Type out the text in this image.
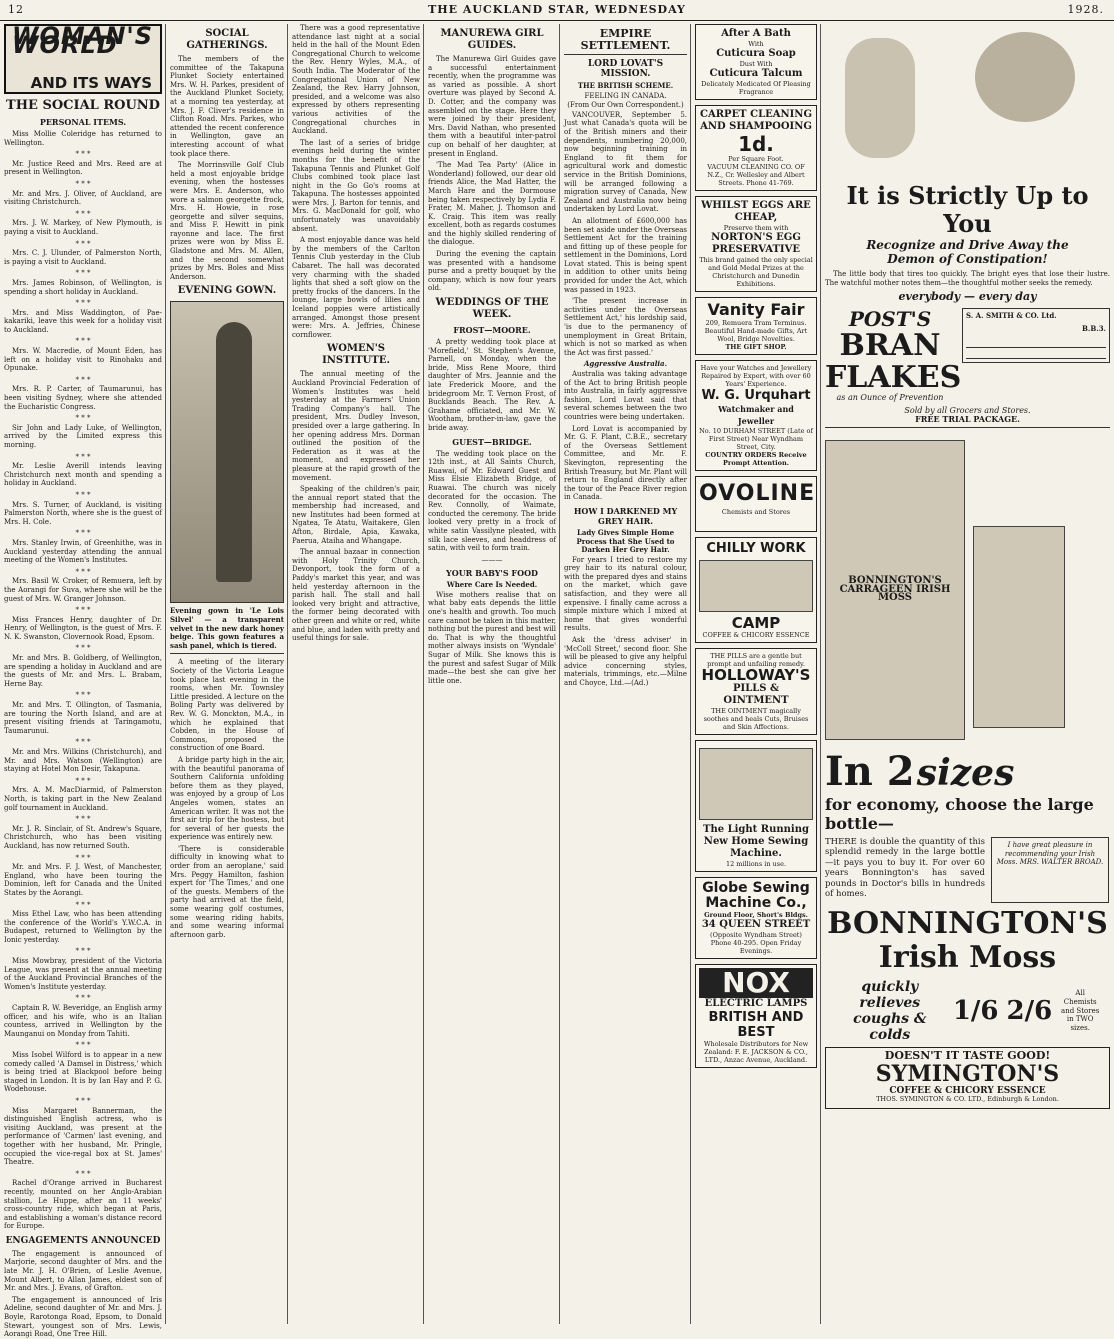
12	THE AUCKLAND STAR, WEDNESDAY	1928.
WOMAN'S WORLD
AND ITS WAYS
THE SOCIAL ROUND
PERSONAL ITEMS.

Miss Mollie Coleridge has returned to Wellington.

* * *

Mr. Justice Reed and Mrs. Reed are at present in Wellington.

* * *

Mr. and Mrs. J. Oliver, of Auckland, are visiting Christchurch.

* * *

Mrs. J. W. Markey, of New Plymouth, is paying a visit to Auckland.

* * *

Mrs. C. J. Ulunder, of Palmerston North, is paying a visit to Auckland.

* * *

Mrs. James Robinson, of Wellington, is spending a short holiday in Auckland.

* * *

Mrs. and Miss Waddington, of Pae-kakariki, leave this week for a holiday visit to Auckland.

* * *

Mrs. W. Macredie, of Mount Eden, has left on a holiday visit to Rinohaku and Opunake.

* * *

Mrs. R. P. Carter, of Taumarunui, has been visiting Sydney, where she attended the Eucharistic Congress.

* * *

Sir John and Lady Luke, of Wellington, arrived by the Limited express this morning.

* * *

Mr. Leslie Averill intends leaving Christchurch next month and spending a holiday in Auckland.

* * *

Mrs. S. Turner, of Auckland, is visiting Palmerston North, where she is the guest of Mrs. H. Cole.

* * *

Mrs. Stanley Irwin, of Greenhithe, was in Auckland yesterday attending the annual meeting of the Women's Institutes.

* * *

Mrs. Basil W. Croker, of Remuera, left by the Aorangi for Suva, where she will be the guest of Mrs. W. Granger Johnson.

* * *

Miss Frances Henry, daughter of Dr. Henry, of Wellington, is the guest of Mrs. F. N. K. Swanston, Clovernook Road, Epsom.

* * *

Mr. and Mrs. B. Goldberg, of Wellington, are spending a holiday in Auckland and are the guests of Mr. and Mrs. L. Brabam, Herne Bay.

* * *

Mr. and Mrs. T. Ollington, of Tasmania, are touring the North Island, and are at present visiting friends at Taringamotu, Taumarunui.

* * *

Mr. and Mrs. Wilkins (Christchurch), and Mr. and Mrs. Watson (Wellington) are staying at Hotel Mon Desir, Takapuna.

* * *

Mrs. A. M. MacDiarmid, of Palmerston North, is taking part in the New Zealand golf tournament in Auckland.

* * *

Mr. J. R. Sinclair, of St. Andrew's Square, Christchurch, who has been visiting Auckland, has now returned South.

* * *

Mr. and Mrs. F. J. West, of Manchester, England, who have been touring the Dominion, left for Canada and the United States by the Aorangi.

* * *

Miss Ethel Law, who has been attending the conference of the World's Y.W.C.A. in Budapest, returned to Wellington by the Ionic yesterday.

* * *

Miss Mowbray, president of the Victoria League, was present at the annual meeting of the Auckland Provincial Branches of the Women's Institute yesterday.

* * *

Captain R. W. Beveridge, an English army officer, and his wife, who is an Italian countess, arrived in Wellington by the Maunganui on Monday from Tahiti.

* * *

Miss Isobel Wilford is to appear in a new comedy called 'A Damsel in Distress,' which is being tried at Blackpool before being staged in London. It is by Ian Hay and P. G. Wodehouse.

* * *

Miss Margaret Bannerman, the distinguished English actress, who is visiting Auckland, was present at the performance of 'Carmen' last evening, and together with her husband, Mr. Pringle, occupied the vice-regal box at St. James' Theatre.

* * *

Rachel d'Orange arrived in Bucharest recently, mounted on her Anglo-Arabian stallion, Le Huppe, after an 11 weeks' cross-country ride, which began at Paris, and establishing a woman's distance record for Europe.

ENGAGEMENTS ANNOUNCED

The engagement is announced of Marjorie, second daughter of Mrs. and the late Mr. J. H. O'Brien, of Leslie Avenue, Mount Albert, to Allan James, eldest son of Mr. and Mrs. J. Evans, of Grafton.

The engagement is announced of Iris Adeline, second daughter of Mr. and Mrs. J. Boyle, Rarotonga Road, Epsom, to Donald Stewart, youngest son of Mrs. Lewis, Aorangi Road, One Tree Hill.

SOCIAL GATHERINGS.

The members of the committee of the Takapuna Plunket Society entertained Mrs. W. H. Parkes, president of the Auckland Plunket Society, at a morning tea yesterday, at Mrs. J. F. Cliver's residence in Clifton Road. Mrs. Parkes, who attended the recent conference in Wellington, gave an interesting account of what took place there.

The Morrinsville Golf Club held a most enjoyable bridge evening, when the hostesses were Mrs. E. Anderson, who wore a salmon georgette frock, Mrs. H. Howie, in rose georgette and silver sequins, and Miss F. Hewitt in pink rayonne and lace. The first prizes were won by Miss E. Gladstone and Mrs. M. Allen, and the second somewhat prizes by Mrs. Boles and Miss Anderson.

EVENING GOWN.
Evening gown in 'Le Lois Silvel' — a transparent velvet in the new dark honey beige. This gown features a sash panel, which is tiered.

A meeting of the literary Society of the Victoria League took place last evening in the rooms, when Mr. Townsley Little presided. A lecture on the Boling Party was delivered by Rev. W. G. Monckton, M.A., in which he explained that Cobden, in the House of Commons, proposed the construction of one Board.

A bridge party high in the air, with the beautiful panorama of Southern California unfolding before them as they played, was enjoyed by a group of Los Angeles women, states an American writer. It was not the first air trip for the hostess, but for several of her guests the experience was entirely new.

'There is considerable difficulty in knowing what to order from an aeroplane,' said Mrs. Peggy Hamilton, fashion expert for 'The Times,' and one of the guests. Members of the party had arrived at the field, some wearing golf costumes, some wearing riding habits, and some wearing informal afternoon garb.

There was a good representative attendance last night at a social held in the hall of the Mount Eden Congregational Church to welcome the Rev. Henry Wyles, M.A., of South India. The Moderator of the Congregational Union of New Zealand, the Rev. Harry Johnson, presided, and a welcome was also expressed by others representing various activities of the Congregational churches in Auckland.

The last of a series of bridge evenings held during the winter months for the benefit of the Takapuna Tennis and Plunket Golf Clubs combined took place last night in the Go Go's rooms at Takapuna. The hostesses appointed were Mrs. J. Barton for tennis, and Mrs. G. MacDonald for golf, who unfortunately was unavoidably absent.

A most enjoyable dance was held by the members of the Carlton Tennis Club yesterday in the Club Cabaret. The hall was decorated very charming with the shaded lights that shed a soft glow on the pretty frocks of the dancers. In the lounge, large bowls of lilies and Iceland poppies were artistically arranged. Amongst those present were: Mrs. A. Jeffries, Chinese cornflower.

WOMEN'S INSTITUTE.

The annual meeting of the Auckland Provincial Federation of Women's Institutes was held yesterday at the Farmers' Union Trading Company's hall. The president, Mrs. Dudley Inveson, presided over a large gathering. In her opening address Mrs. Dorman outlined the position of the Federation as it was at the moment, and expressed her pleasure at the rapid growth of the movement.

Speaking of the children's pair, the annual report stated that the membership had increased, and new Institutes had been formed at Ngatea, Te Atatu, Waitakere, Glen Afton, Birdale, Apia, Kawaka, Paerua, Ataiha and Whangape.

The annual bazaar in connection with Holy Trinity Church, Devonport, took the form of a Paddy's market this year, and was held yesterday afternoon in the parish hall. The stall and hall looked very bright and attractive, the former being decorated with other green and white or red, white and blue, and laden with pretty and useful things for sale.

MANUREWA GIRL GUIDES.

The Manurewa Girl Guides gave a successful entertainment recently, when the programme was as varied as possible. A short overture was played by Second A. D. Cotter, and the company was assembled on the stage. Here they were joined by their president, Mrs. David Nathan, who presented them with a beautiful inter-patrol cup on behalf of her daughter, at present in England.

'The Mad Tea Party' (Alice in Wonderland) followed, our dear old friends Alice, the Mad Hatter, the March Hare and the Dormouse being taken respectively by Lydia F. Frater, M. Maher, J. Thomson and K. Craig. This item was really excellent, both as regards costumes and the highly skilled rendering of the dialogue.

During the evening the captain was presented with a handsome purse and a pretty bouquet by the company, which is now four years old.

WEDDINGS OF THE WEEK.
FROST—MOORE.

A pretty wedding took place at 'Morefield,' St. Stephen's Avenue, Parnell, on Monday, when the bride, Miss Rene Moore, third daughter of Mrs. Jeannie and the late Frederick Moore, and the bridegroom Mr. T. Vernon Frost, of Bucklands Beach. The Rev. A. Grahame officiated, and Mr. W. Wootham, brother-in-law, gave the bride away.

GUEST—BRIDGE.

The wedding took place on the 12th inst., at All Saints Church, Ruawai, of Mr. Edward Guest and Miss Elsie Elizabeth Bridge, of Ruawai. The church was nicely decorated for the occasion. The Rev. Connolly, of Waimate, conducted the ceremony. The bride looked very pretty in a frock of white satin Vassilyne pleated, with silk lace sleeves, and headdress of satin, with veil to form train.

———
YOUR BABY'S FOOD
Where Care Is Needed.

Wise mothers realise that on what baby eats depends the little one's health and growth. Too much care cannot be taken in this matter, nothing but the purest and best will do. That is why the thoughtful mother always insists on 'Wyndale' Sugar of Milk. She knows this is the purest and safest Sugar of Milk made—the best she can give her little one.

EMPIRE SETTLEMENT.
LORD LOVAT'S MISSION.
THE BRITISH SCHEME.
FEELING IN CANADA.
(From Our Own Correspondent.)

VANCOUVER, September 5. Just what Canada's quota will be of the British miners and their dependents, numbering 20,000, now beginning training in England to fit them for agricultural work and domestic service in the British Dominions, will be arranged following a migration survey of Canada, New Zealand and Australia now being undertaken by Lord Lovat.

An allotment of £600,000 has been set aside under the Overseas Settlement Act for the training and fitting up of these people for settlement in the Dominions, Lord Lovat stated. This is being spent in addition to other units being provided for under the Act, which was passed in 1923.

'The present increase in activities under the Overseas Settlement Act,' his lordship said, 'is due to the permanency of unemployment in Great Britain, which is not so marked as when the Act was first passed.'

Aggressive Australia.

Australia was taking advantage of the Act to bring British people into Australia, in fairly aggressive fashion, Lord Lovat said that several schemes between the two countries were being undertaken.

Lord Lovat is accompanied by Mr. G. F. Plant, C.B.E., secretary of the Overseas Settlement Committee, and Mr. F. Skevington, representing the British Treasury, but Mr. Plant will return to England directly after the tour of the Peace River region in Canada.

HOW I DARKENED MY GREY HAIR.
Lady Gives Simple Home Process that She Used to Darken Her Grey Hair.

For years I tried to restore my grey hair to its natural colour, with the prepared dyes and stains on the market, which gave satisfaction, and they were all expensive. I finally came across a simple mixture which I mixed at home that gives wonderful results.

Ask the 'dress adviser' in 'McColl Street,' second floor. She will be pleased to give any helpful advice concerning styles, materials, trimmings, etc.—Milne and Choyce, Ltd.—(Ad.)

After A Bath
With
Cuticura Soap
Dust With
Cuticura Talcum
Delicately Medicated Of Pleasing Fragrance
CARPET CLEANING AND SHAMPOOING
1d.
Per Square Foot.
VACUUM CLEANING CO. OF N.Z., Cr. Wellesley and Albert Streets. Phone 41-769.
WHILST EGGS ARE CHEAP,
Preserve them with
NORTON'S EGG PRESERVATIVE
This brand gained the only special and Gold Medal Prizes at the Christchurch and Dunedin Exhibitions.
Vanity Fair
209, Remuera Tram Terminus.
Beautiful Hand-made Gifts, Art Wool, Bridge Novelties.
THE GIFT SHOP.
Have your Watches and Jewellery Repaired by Expert, with over 60 Years' Experience.
W. G. Urquhart
Watchmaker and Jeweller
No. 10 DURHAM STREET (Late of First Street) Near Wyndham Street, City.
COUNTRY ORDERS Receive Prompt Attention.
OVOLINE
Chemists and Stores
CHILLY WORK
CAMP
COFFEE & CHICORY ESSENCE
THE PILLS are a gentle but prompt and unfailing remedy.
HOLLOWAY'S
PILLS & OINTMENT
THE OINTMENT magically soothes and heals Cuts, Bruises and Skin Affections.
The Light Running New Home Sewing Machine.
12 millions in use.
Globe Sewing Machine Co.,
Ground Floor, Short's Bldgs.
34 QUEEN STREET
(Opposite Wyndham Street)
Phone 40-295. Open Friday Evenings.
NOX
ELECTRIC LAMPS
BRITISH AND BEST
Wholesale Distributors for New Zealand: F. E. JACKSON & CO., LTD., Anzac Avenue, Auckland.
It is Strictly Up to You
Recognize and Drive Away the
Demon of Constipation!

The little body that tires too quickly. The bright eyes that lose their lustre. The watchful mother notes them—the thoughtful mother seeks the remedy.

everybody — every day
POST'S
BRAN
FLAKES
as an Ounce of Prevention
S. A. SMITH & CO. Ltd.
B.B.3.
Sold by all Grocers and Stores.
FREE TRIAL PACKAGE.
BONNINGTON'S CARRAGEEN IRISH MOSS
In 2 sizes
for economy, choose the large bottle—

THERE is double the quantity of this splendid remedy in the large bottle—it pays you to buy it. For over 60 years Bonnington's has saved pounds in Doctor's bills in hundreds of homes.

I have great pleasure in recommending your Irish Moss. MRS. WALTER BROAD.
BONNINGTON'S
Irish Moss
quickly relieves coughs & colds
1/6 2/6
All Chemists and Stores in TWO sizes.
DOESN'T IT TASTE GOOD!
SYMINGTON'S
COFFEE & CHICORY ESSENCE
THOS. SYMINGTON & CO. LTD., Edinburgh & London.
